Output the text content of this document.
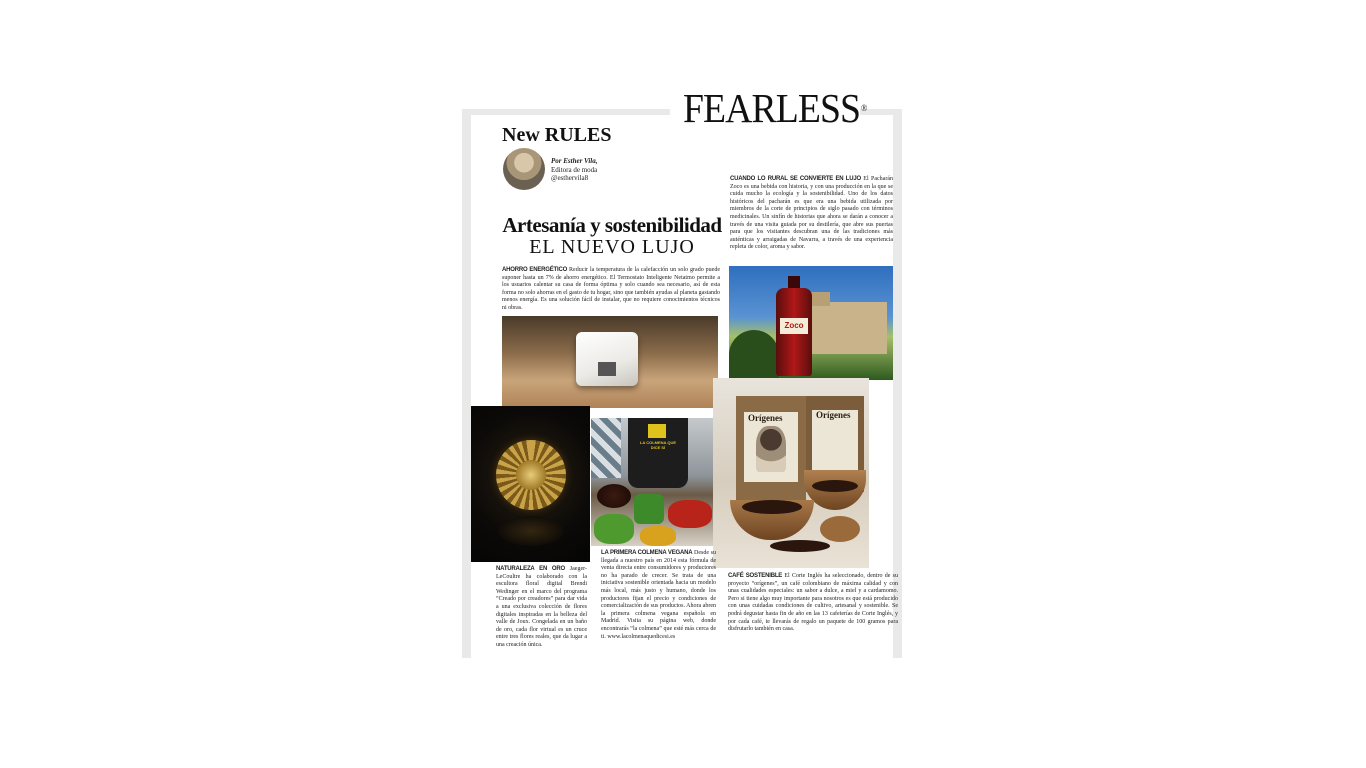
FEARLESS®
New RULES
Por Esther Vila,
Editora de moda
@esthervila8
Artesanía y sostenibilidad
EL NUEVO LUJO
AHORRO ENERGÉTICO Reducir la temperatura de la calefacción un solo grado puede suponer hasta un 7% de ahorro energético. El Termostato Inteligente Netatmo permite a los usuarios calentar su casa de forma óptima y solo cuando sea necesario, así de esta forma no solo ahorras en el gasto de tu hogar, sino que también ayudas al planeta gastando menos energía. Es una solución fácil de instalar, que no requiere conocimientos técnicos ni obras.
CUANDO LO RURAL SE CONVIERTE EN LUJO El Pacharán Zoco es una bebida con historia, y con una producción en la que se cuida mucho la ecología y la sostenibilidad. Uno de los datos históricos del pacharán es que era una bebida utilizada por miembros de la corte de principios de siglo pasado con términos medicinales. Un sinfín de historias que ahora se darán a conocer a través de una visita guiada por su destilería, que abre sus puertas para que los visitantes descubran una de las tradiciones más auténticas y arraigadas de Navarra, a través de una experiencia repleta de color, aroma y sabor.
Zoco
LA COLMENA QUE DICE SÍ
Orígenes
Orígenes
NATURALEZA EN ORO Jaeger-LeCoultre ha colaborado con la escultora floral digital Brendi Wedinger en el marco del programa “Creado por creadores” para dar vida a una exclusiva colección de flores digitales inspiradas en la belleza del valle de Joux. Congelada en un baño de oro, cada flor virtual es un cruce entre tres flores reales, que da lugar a una creación única.
LA PRIMERA COLMENA VEGANA Desde su llegada a nuestro país en 2014 esta fórmula de venta directa entre consumidores y productores no ha parado de crecer. Se trata de una iniciativa sostenible orientada hacia un modelo más local, más justo y humano, donde los productores fijan el precio y condiciones de comercialización de sus productos. Ahora abren la primera colmena vegana española en Madrid. Visita su página web, donde encontrarás “la colmena” que esté más cerca de ti. www.lacolmenaquedicesi.es
CAFÉ SOSTENIBLE El Corte Inglés ha seleccionado, dentro de su proyecto “orígenes”, un café colombiano de máxima calidad y con unas cualidades especiales: un sabor a dulce, a miel y a cardamomo. Pero si tiene algo muy importante para nosotros es que está producido con unas cuidadas condiciones de cultivo, artesanal y sostenible. Se podrá degustar hasta fin de año en las 13 cafeterías de Corte Inglés, y por cada café, te llevarás de regalo un paquete de 100 gramos para disfrutarlo también en casa.
